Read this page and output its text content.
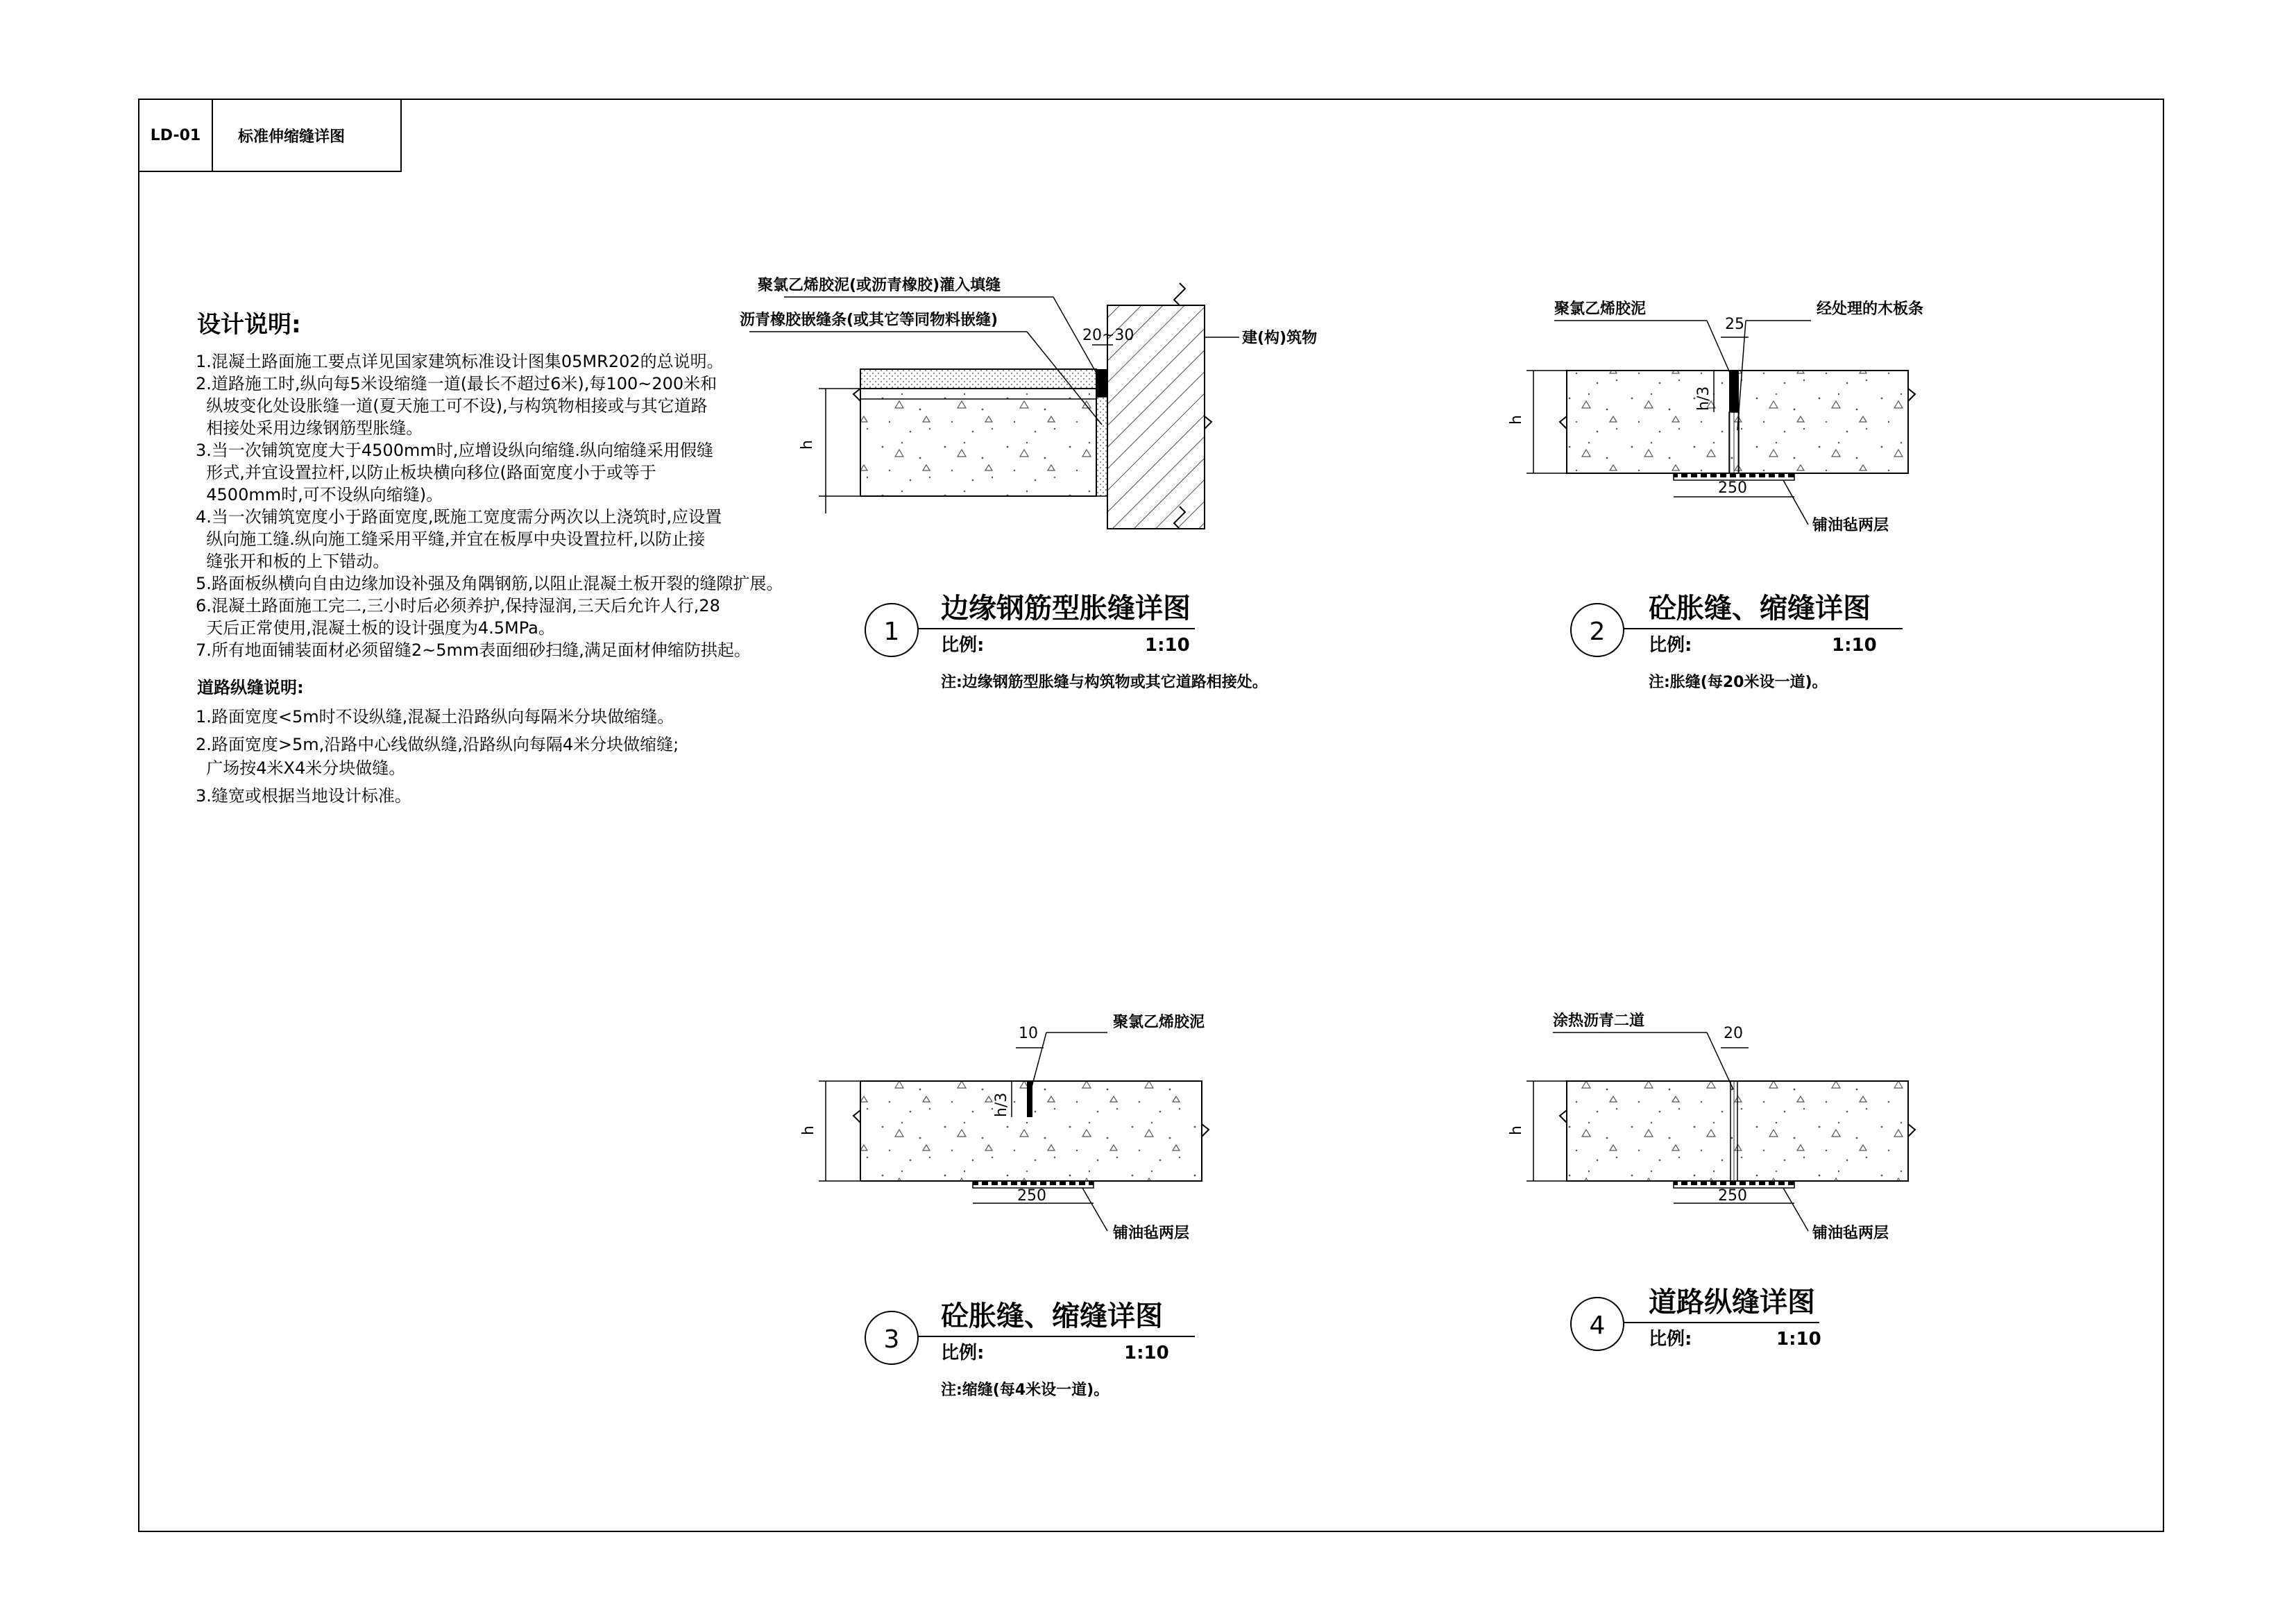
LD-01	标准伸缩缝详图
设计说明:

1.混凝土路面施工要点详见国家建筑标准设计图集05MR202的总说明。

2.道路施工时,纵向每5米设缩缝一道(最长不超过6米),每100~200米和
纵坡变化处设胀缝一道(夏天施工可不设),与构筑物相接或与其它道路
相接处采用边缘钢筋型胀缝。

3.当一次铺筑宽度大于4500mm时,应增设纵向缩缝.纵向缩缝采用假缝
形式,并宜设置拉杆,以防止板块横向移位(路面宽度小于或等于
4500mm时,可不设纵向缩缝)。

4.当一次铺筑宽度小于路面宽度,既施工宽度需分两次以上浇筑时,应设置
纵向施工缝.纵向施工缝采用平缝,并宜在板厚中央设置拉杆,以防止接
缝张开和板的上下错动。

5.路面板纵横向自由边缘加设补强及角隅钢筋,以阻止混凝土板开裂的缝隙扩展。

6.混凝土路面施工完二,三小时后必须养护,保持湿润,三天后允许人行,28
天后正常使用,混凝土板的设计强度为4.5MPa。

7.所有地面铺装面材必须留缝2~5mm表面细砂扫缝,满足面材伸缩防拱起。

道路纵缝说明:

1.路面宽度<5m时不设纵缝,混凝土沿路纵向每隔米分块做缩缝。

2.路面宽度>5m,沿路中心线做纵缝,沿路纵向每隔4米分块做缩缝;
广场按4米X4米分块做缝。

3.缝宽或根据当地设计标准。

h
20~30
聚氯乙烯胶泥(或沥青橡胶)灌入填缝
沥青橡胶嵌缝条(或其它等同物料嵌缝)
建(构)筑物
1
边缘钢筋型胀缝详图
比例:	1:10
注:边缘钢筋型胀缝与构筑物或其它道路相接处。
h
h/3
25
250
聚氯乙烯胶泥	经处理的木板条
铺油毡两层
2
砼胀缝、缩缝详图
比例:	1:10
注:胀缝(每20米设一道)。
h
h/3
10
250
聚氯乙烯胶泥
铺油毡两层
3
砼胀缝、缩缝详图
比例:	1:10
注:缩缝(每4米设一道)。
h
20
250
涂热沥青二道
铺油毡两层
4
道路纵缝详图
比例:	1:10
